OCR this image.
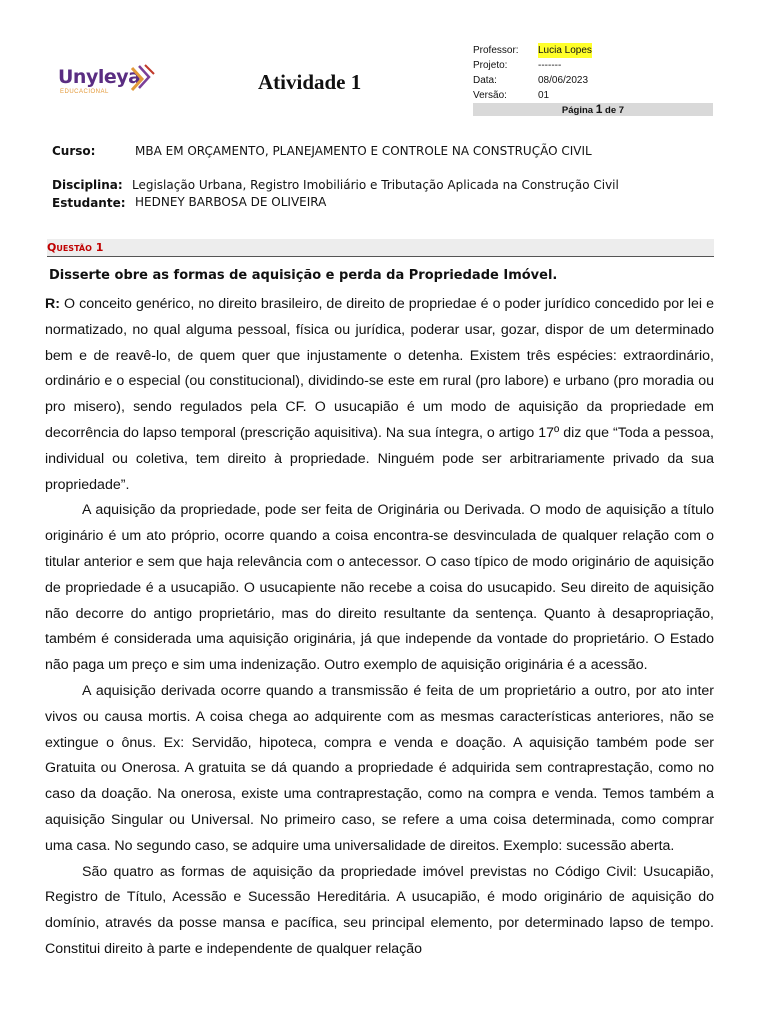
Unyleya
EDUCACIONAL	Atividade 1
Professor:	Lucia Lopes
Projeto:	-------
Data:	08/06/2023
Versão:	01
Página 1 de 7
Curso:	MBA EM ORÇAMENTO, PLANEJAMENTO E CONTROLE NA CONSTRUÇÃO CIVIL
Disciplina: Legislação Urbana, Registro Imobiliário e Tributação Aplicada na Construção Civil
Estudante: HEDNEY BARBOSA DE OLIVEIRA
Questão 1
Disserte obre as formas de aquisição e perda da Propriedade Imóvel.

R: O conceito genérico, no direito brasileiro, de direito de propriedae é o poder jurídico concedido por lei e normatizado, no qual alguma pessoal, física ou jurídica, poderar usar, gozar, dispor de um determinado bem e de reavê-lo, de quem quer que injustamente o detenha. Existem três espécies: extraordinário, ordinário e o especial (ou constitucional), dividindo-se este em rural (pro labore) e urbano (pro moradia ou pro misero), sendo regulados pela CF. O usucapião é um modo de aquisição da propriedade em decorrência do lapso temporal (prescrição aquisitiva). Na sua íntegra, o artigo 17º diz que “Toda a pessoa, individual ou coletiva, tem direito à propriedade. Ninguém pode ser arbitrariamente privado da sua propriedade”.

A aquisição da propriedade, pode ser feita de Originária ou Derivada. O modo de aquisição a título originário é um ato próprio, ocorre quando a coisa encontra-se desvinculada de qualquer relação com o titular anterior e sem que haja relevância com o antecessor. O caso típico de modo originário de aquisição de propriedade é a usucapião. O usucapiente não recebe a coisa do usucapido. Seu direito de aquisição não decorre do antigo proprietário, mas do direito resultante da sentença. Quanto à desapropriação, também é considerada uma aquisição originária, já que independe da vontade do proprietário. O Estado não paga um preço e sim uma indenização. Outro exemplo de aquisição originária é a acessão.

A aquisição derivada ocorre quando a transmissão é feita de um proprietário a outro, por ato inter vivos ou causa mortis. A coisa chega ao adquirente com as mesmas características anteriores, não se extingue o ônus. Ex: Servidão, hipoteca, compra e venda e doação. A aquisição também pode ser Gratuita ou Onerosa. A gratuita se dá quando a propriedade é adquirida sem contraprestação, como no caso da doação. Na onerosa, existe uma contraprestação, como na compra e venda. Temos também a aquisição Singular ou Universal. No primeiro caso, se refere a uma coisa determinada, como comprar uma casa. No segundo caso, se adquire uma universalidade de direitos. Exemplo: sucessão aberta.

São quatro as formas de aquisição da propriedade imóvel previstas no Código Civil: Usucapião, Registro de Título, Acessão e Sucessão Hereditária. A usucapião, é modo originário de aquisição do domínio, através da posse mansa e pacífica, seu principal elemento, por determinado lapso de tempo. Constitui direito à parte e independente de qualquer relação
